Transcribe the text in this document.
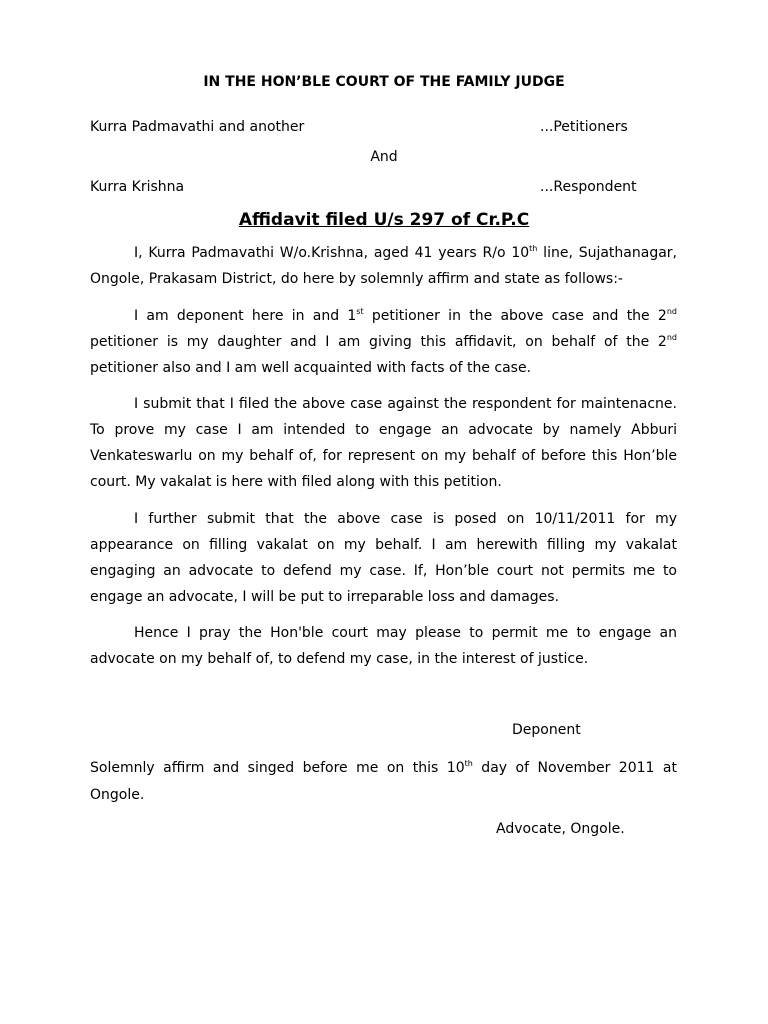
IN THE HON’BLE COURT OF THE FAMILY JUDGE
Kurra Padmavathi and another	...Petitioners
And
Kurra Krishna	...Respondent
Affidavit filed U/s 297 of Cr.P.C

I, Kurra Padmavathi W/o.Krishna, aged 41 years R/o 10th line, Sujathanagar, Ongole, Prakasam District, do here by solemnly affirm and state as follows:-

I am deponent here in and 1st petitioner in the above case and the 2nd petitioner is my daughter and I am giving this affidavit, on behalf of the 2nd petitioner also and I am well acquainted with facts of the case.

I submit that I filed the above case against the respondent for maintenacne. To prove my case I am intended to engage an advocate by namely Abburi Venkateswarlu on my behalf of, for represent on my behalf of before this Hon’ble court. My vakalat is here with filed along with this petition.

I further submit that the above case is posed on 10/11/2011 for my appearance on filling vakalat on my behalf. I am herewith filling my vakalat engaging an advocate to defend my case. If, Hon’ble court not permits me to engage an advocate, I will be put to irreparable loss and damages.

Hence I pray the Hon'ble court may please to permit me to engage an advocate on my behalf of, to defend my case, in the interest of justice.

Deponent

Solemnly affirm and singed before me on this 10th day of November 2011 at Ongole.

Advocate, Ongole.
